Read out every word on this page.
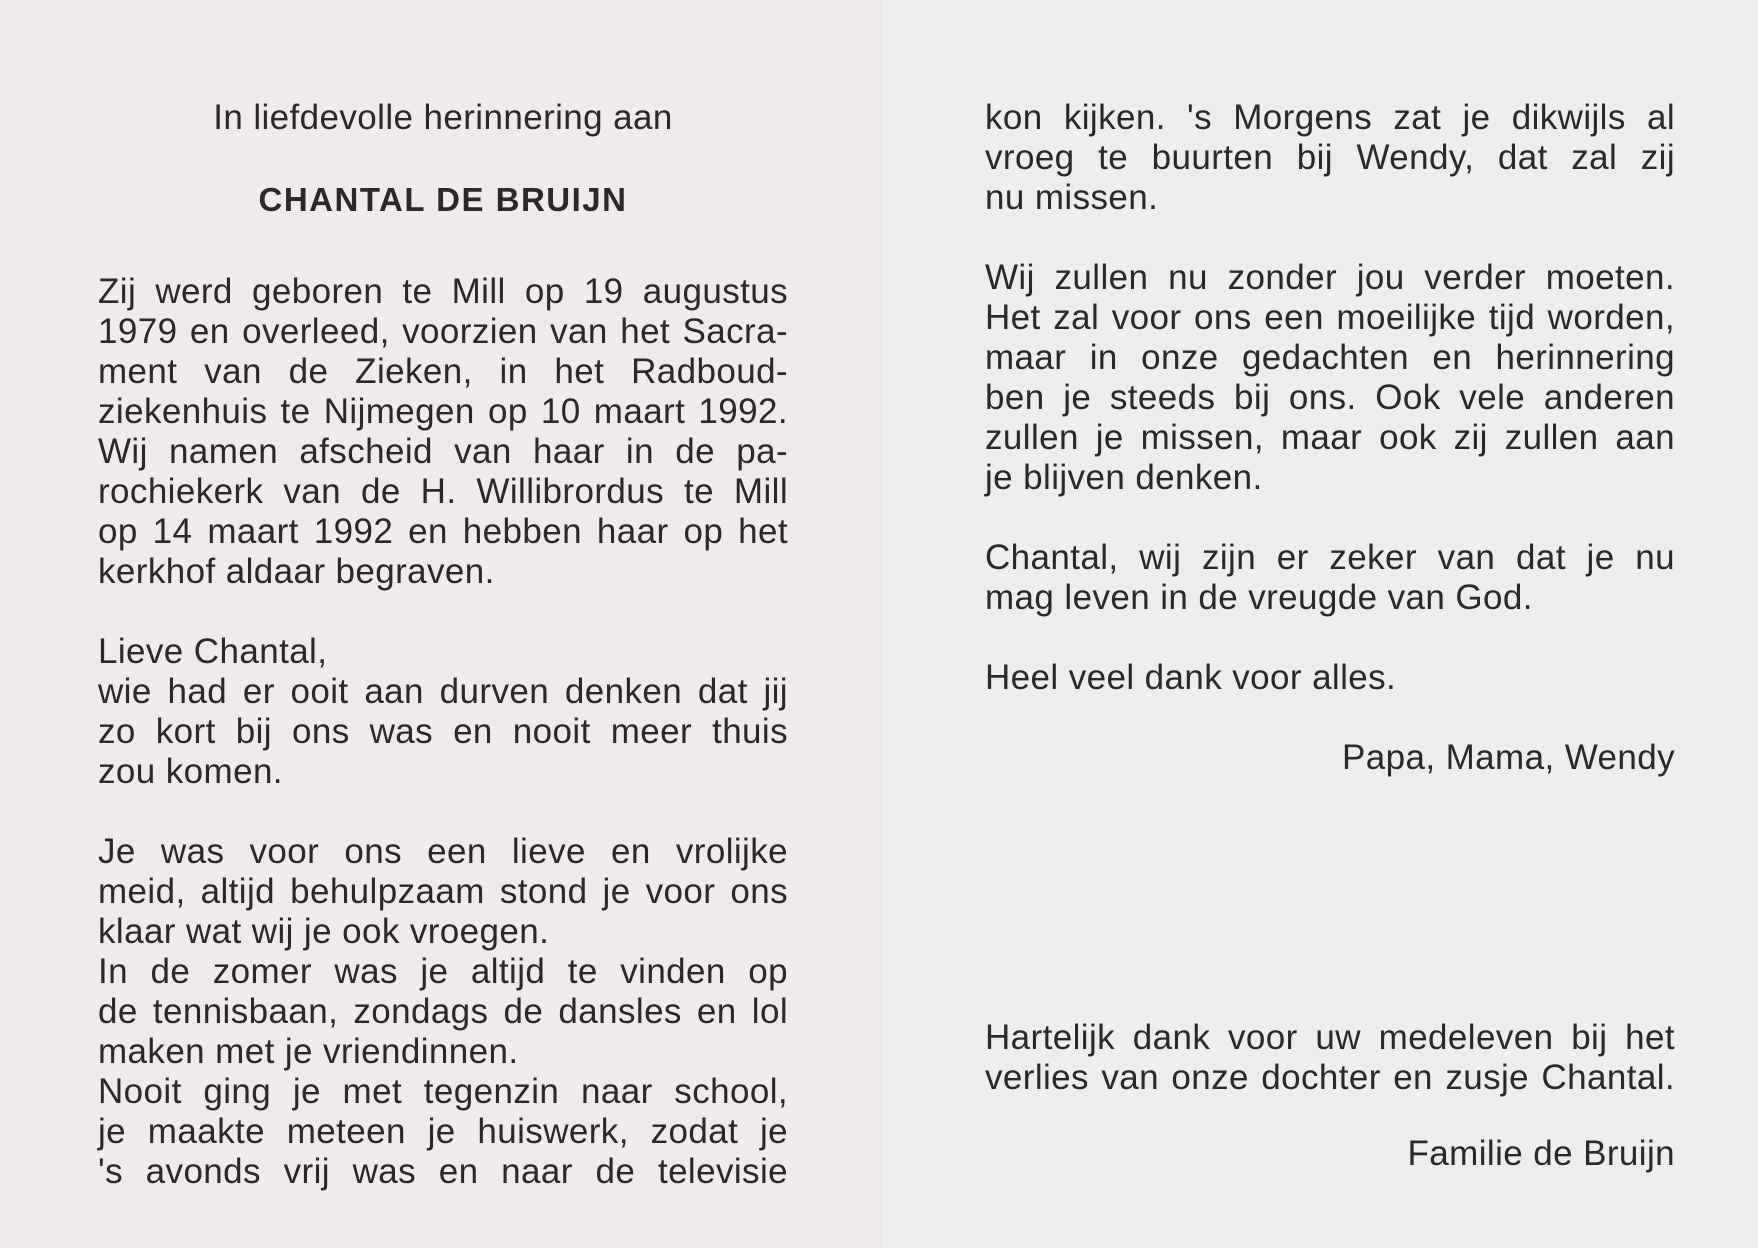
In liefdevolle herinnering aan
CHANTAL DE BRUIJN
Zij werd geboren te Mill op 19 augustus
1979 en overleed, voorzien van het Sacra-
ment van de Zieken, in het Radboud-
ziekenhuis te Nijmegen op 10 maart 1992.
Wij namen afscheid van haar in de pa-
rochiekerk van de H. Willibrordus te Mill
op 14 maart 1992 en hebben haar op het
kerkhof aldaar begraven.
Lieve Chantal,
wie had er ooit aan durven denken dat jij
zo kort bij ons was en nooit meer thuis
zou komen.
Je was voor ons een lieve en vrolijke
meid, altijd behulpzaam stond je voor ons
klaar wat wij je ook vroegen.
In de zomer was je altijd te vinden op
de tennisbaan, zondags de dansles en lol
maken met je vriendinnen.
Nooit ging je met tegenzin naar school,
je maakte meteen je huiswerk, zodat je
's avonds vrij was en naar de televisie
kon kijken. 's Morgens zat je dikwijls al
vroeg te buurten bij Wendy, dat zal zij
nu missen.
Wij zullen nu zonder jou verder moeten.
Het zal voor ons een moeilijke tijd worden,
maar in onze gedachten en herinnering
ben je steeds bij ons. Ook vele anderen
zullen je missen, maar ook zij zullen aan
je blijven denken.
Chantal, wij zijn er zeker van dat je nu
mag leven in de vreugde van God.
Heel veel dank voor alles.
Papa, Mama, Wendy
Hartelijk dank voor uw medeleven bij het
verlies van onze dochter en zusje Chantal.
Familie de Bruijn
